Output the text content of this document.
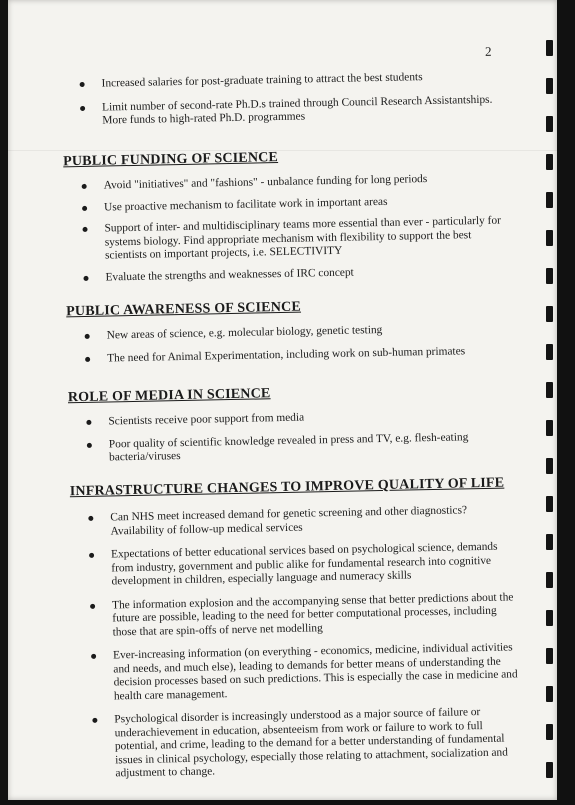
2
Increased salaries for post-graduate training to attract the best students
Limit number of second-rate Ph.D.s trained through Council Research Assistantships. More funds to high-rated Ph.D. programmes
PUBLIC FUNDING OF SCIENCE
Avoid "initiatives" and "fashions" - unbalance funding for long periods
Use proactive mechanism to facilitate work in important areas
Support of inter- and multidisciplinary teams more essential than ever - particularly for systems biology. Find appropriate mechanism with flexibility to support the best scientists on important projects, i.e. SELECTIVITY
Evaluate the strengths and weaknesses of IRC concept
PUBLIC AWARENESS OF SCIENCE
New areas of science, e.g. molecular biology, genetic testing
The need for Animal Experimentation, including work on sub-human primates
ROLE OF MEDIA IN SCIENCE
Scientists receive poor support from media
Poor quality of scientific knowledge revealed in press and TV, e.g. flesh-eating bacteria/viruses
INFRASTRUCTURE CHANGES TO IMPROVE QUALITY OF LIFE
Can NHS meet increased demand for genetic screening and other diagnostics? Availability of follow-up medical services
Expectations of better educational services based on psychological science, demands from industry, government and public alike for fundamental research into cognitive development in children, especially language and numeracy skills
The information explosion and the accompanying sense that better predictions about the future are possible, leading to the need for better computational processes, including those that are spin-offs of nerve net modelling
Ever-increasing information (on everything - economics, medicine, individual activities and needs, and much else), leading to demands for better means of understanding the decision processes based on such predictions. This is especially the case in medicine and health care management.
Psychological disorder is increasingly understood as a major source of failure or underachievement in education, absenteeism from work or failure to work to full potential, and crime, leading to the demand for a better understanding of fundamental issues in clinical psychology, especially those relating to attachment, socialization and adjustment to change.
